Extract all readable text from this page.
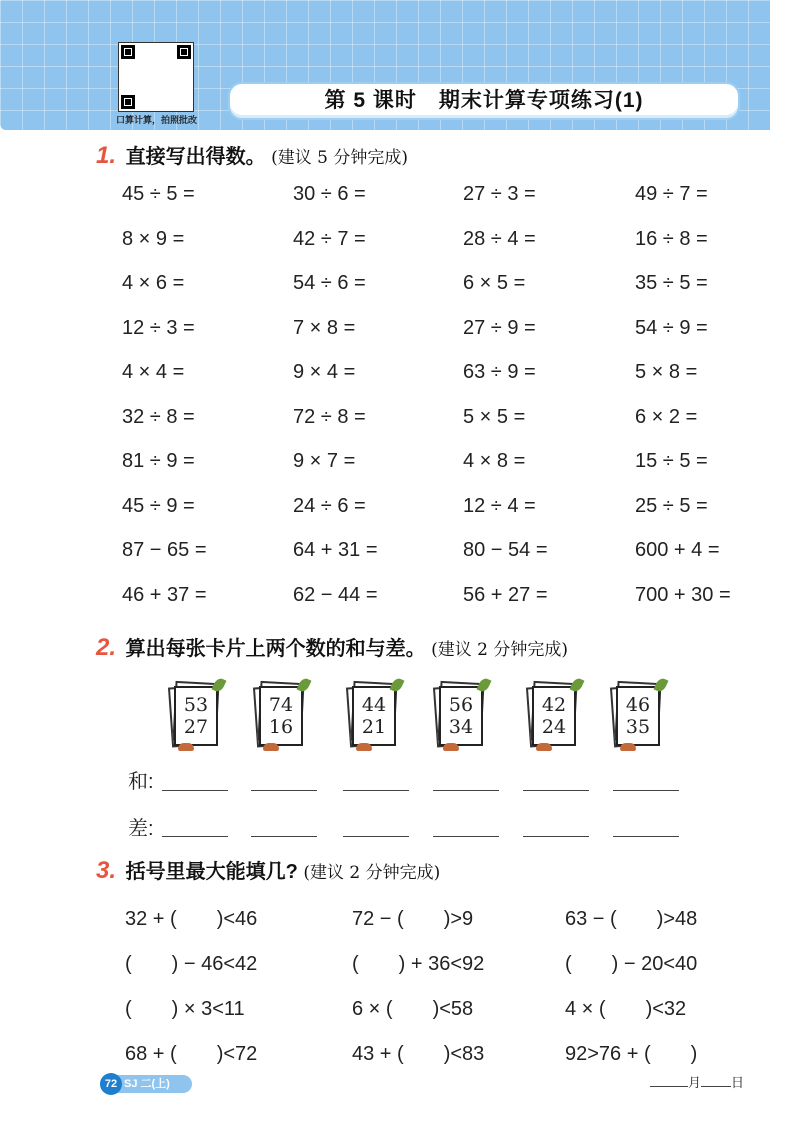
口算计算，拍照批改
第 5 课时　期末计算专项练习(1)
1. 直接写出得数。 (建议 5 分钟完成)
45 ÷ 5 =	30 ÷ 6 =	27 ÷ 3 =	49 ÷ 7 =
8 × 9 =	42 ÷ 7 =	28 ÷ 4 =	16 ÷ 8 =
4 × 6 =	54 ÷ 6 =	6 × 5 =	35 ÷ 5 =
12 ÷ 3 =	7 × 8 =	27 ÷ 9 =	54 ÷ 9 =
4 × 4 =	9 × 4 =	63 ÷ 9 =	5 × 8 =
32 ÷ 8 =	72 ÷ 8 =	5 × 5 =	6 × 2 =
81 ÷ 9 =	9 × 7 =	4 × 8 =	15 ÷ 5 =
45 ÷ 9 =	24 ÷ 6 =	12 ÷ 4 =	25 ÷ 5 =
87 − 65 =	64 + 31 =	80 − 54 =	600 + 4 =
46 + 37 =	62 − 44 =	56 + 27 =	700 + 30 =
2. 算出每张卡片上两个数的和与差。 (建议 2 分钟完成)
53
27
74
16
44
21
56
34
42
24
46
35
和:
差:
3. 括号里最大能填几? (建议 2 分钟完成)
32 + (　　)<46	72 − (　　)>9	63 − (　　)>48
(　　) − 46<42	(　　) + 36<92	(　　) − 20<40
(　　) × 3<11	6 × (　　)<58	4 × (　　)<32
68 + (　　)<72	43 + (　　)<83	92>76 + (　　)
SJ 二(上)
72	月 日
